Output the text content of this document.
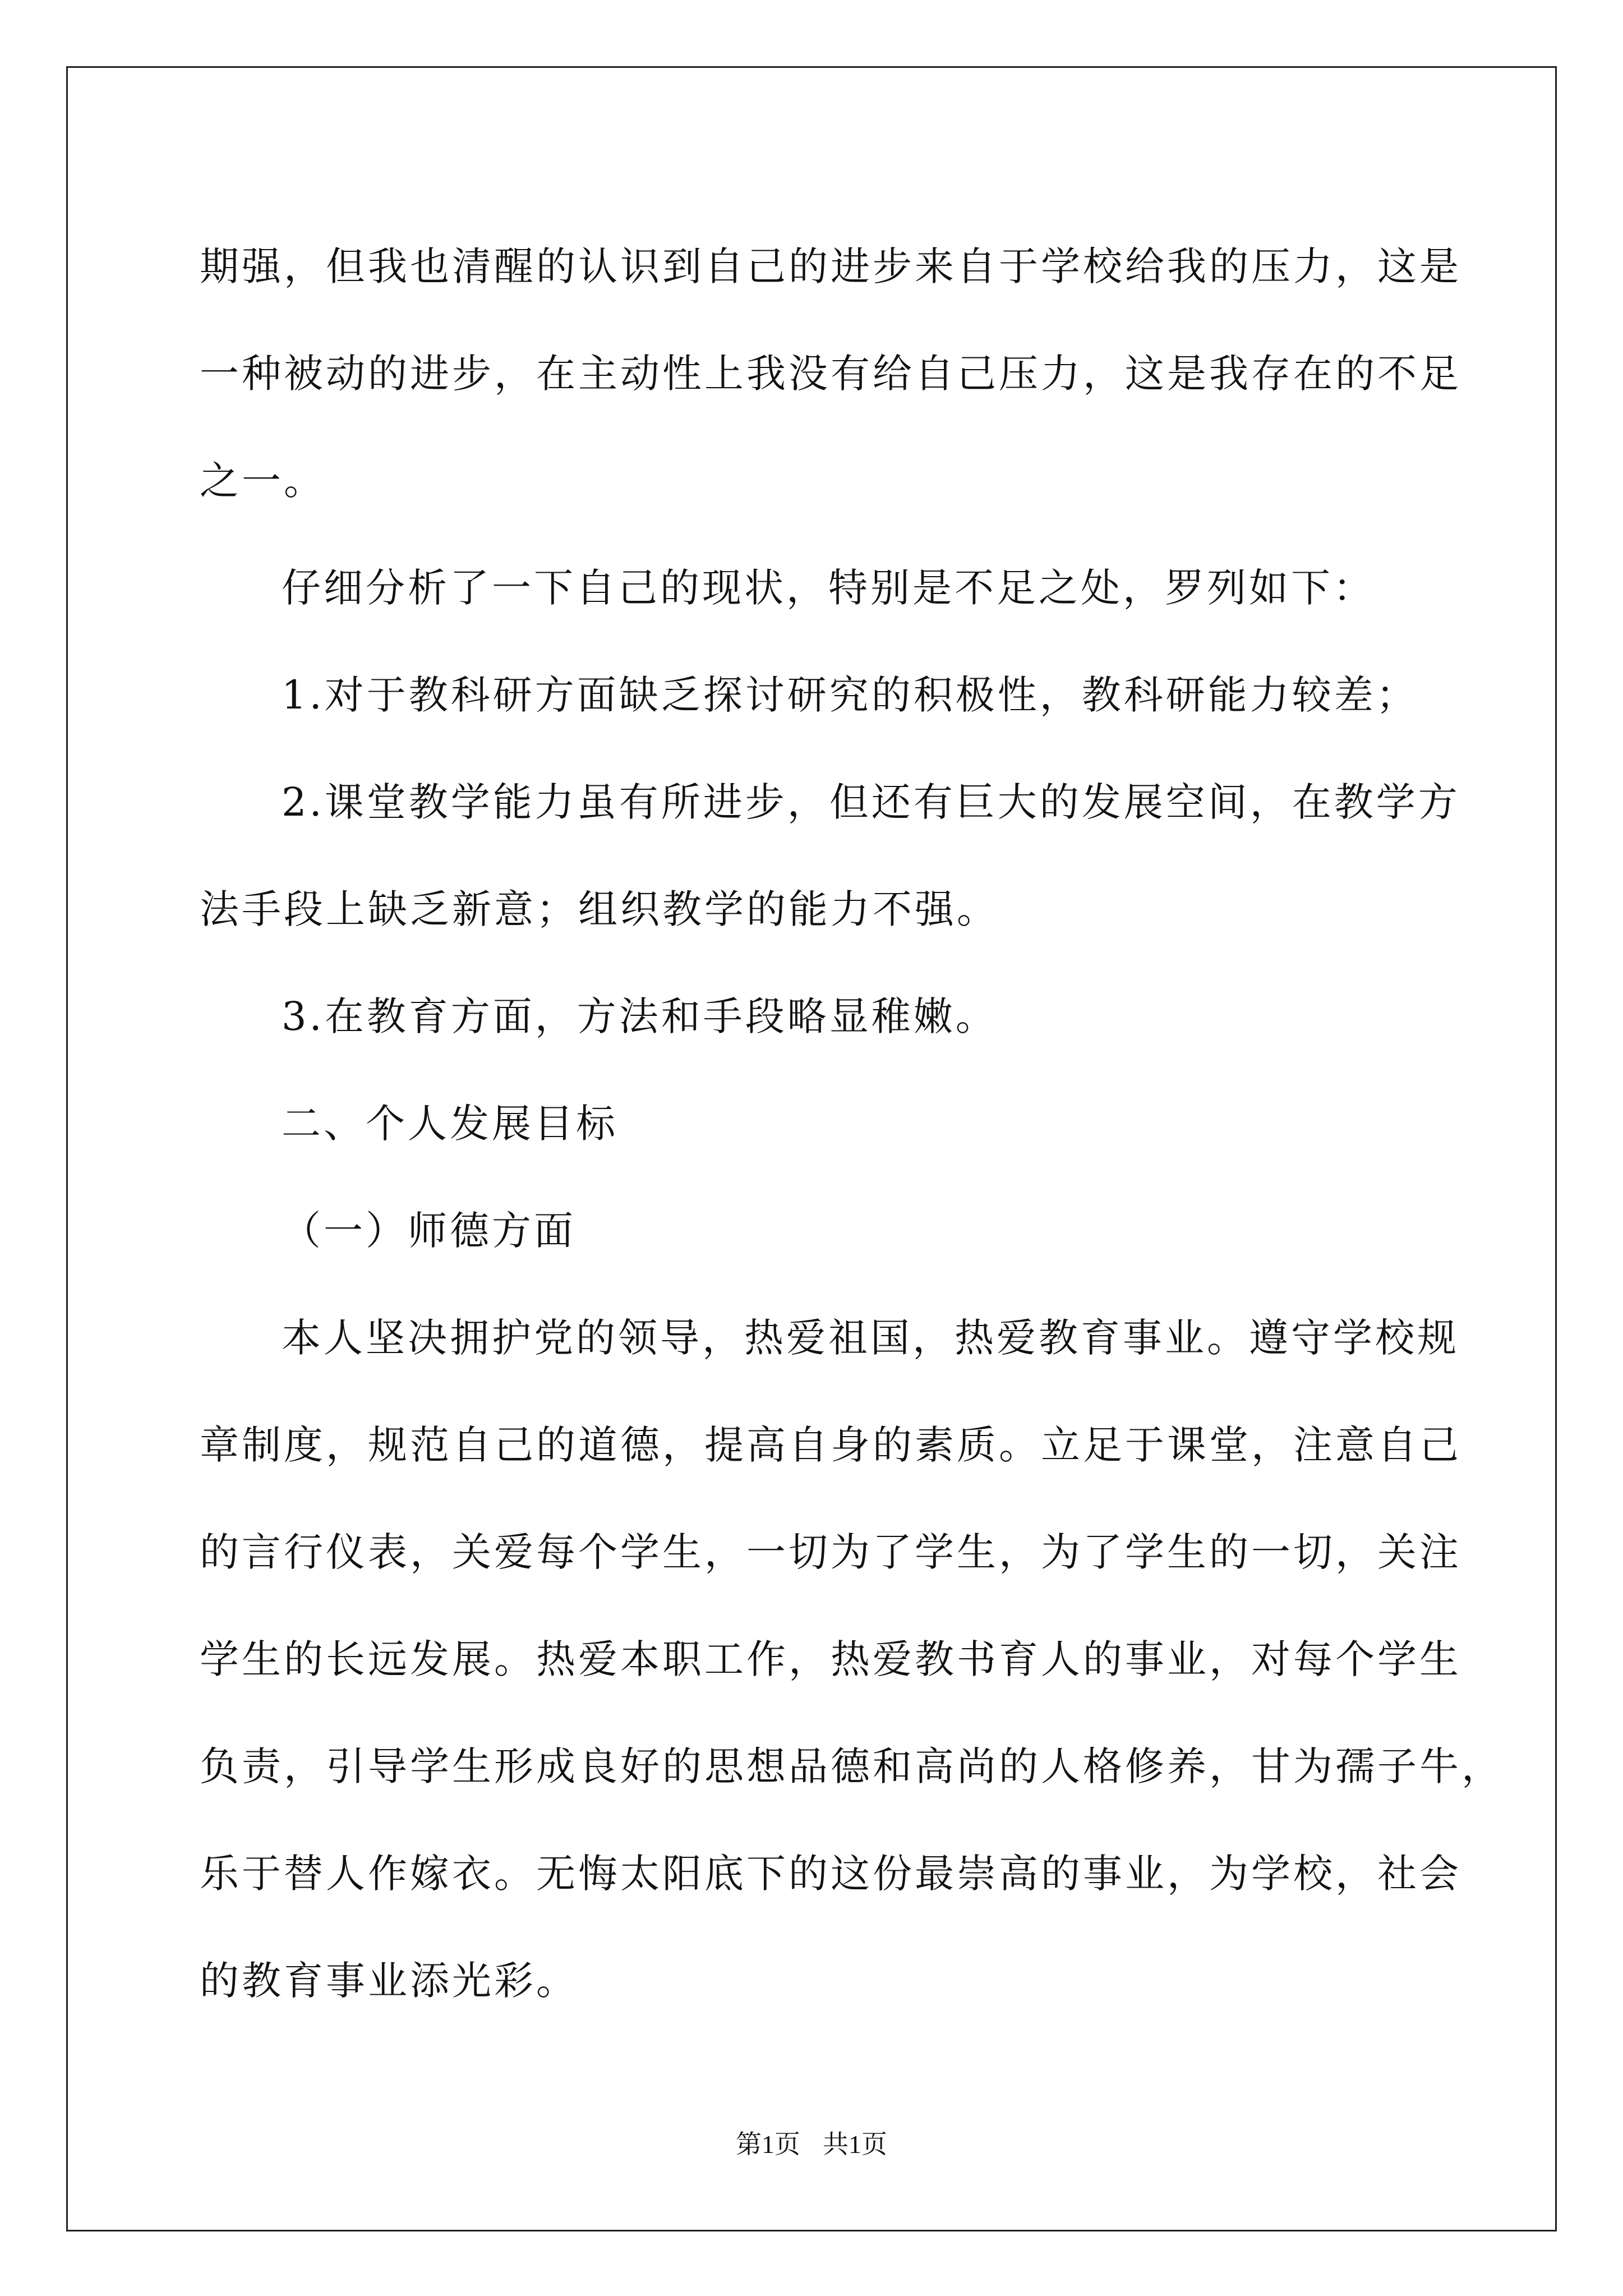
期强，但我也清醒的认识到自己的进步来自于学校给我的压力，这是

一种被动的进步，在主动性上我没有给自己压力，这是我存在的不足

之一。

仔细分析了一下自己的现状，特别是不足之处，罗列如下：

1.对于教科研方面缺乏探讨研究的积极性，教科研能力较差；

2.课堂教学能力虽有所进步，但还有巨大的发展空间，在教学方

法手段上缺乏新意；组织教学的能力不强。

3.在教育方面，方法和手段略显稚嫩。

二、个人发展目标

（一）师德方面

本人坚决拥护党的领导，热爱祖国，热爱教育事业。遵守学校规

章制度，规范自己的道德，提高自身的素质。立足于课堂，注意自己

的言行仪表，关爱每个学生，一切为了学生，为了学生的一切，关注

学生的长远发展。热爱本职工作，热爱教书育人的事业，对每个学生

负责，引导学生形成良好的思想品德和高尚的人格修养，甘为孺子牛，

乐于替人作嫁衣。无悔太阳底下的这份最崇高的事业，为学校，社会

的教育事业添光彩。

第1页 共1页
